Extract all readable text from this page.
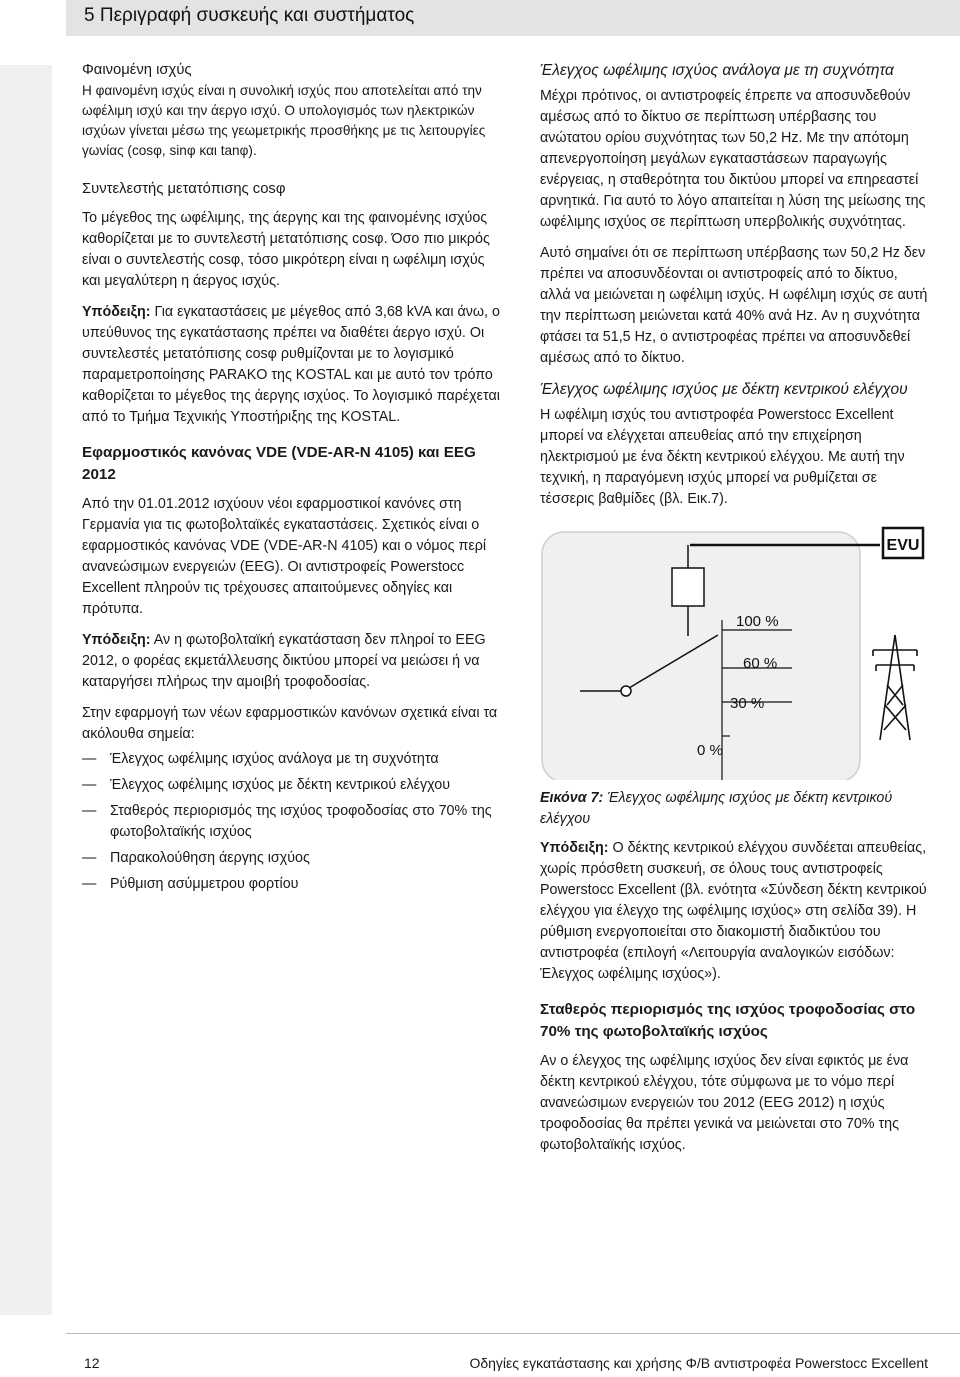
5 Περιγραφή συσκευής και συστήματος
Φαινομένη ισχύς

Η φαινομένη ισχύς είναι η συνολική ισχύς που αποτελείται από την ωφέλιμη ισχύ και την άεργο ισχύ. Ο υπολογισμός των ηλεκτρικών ισχύων γίνεται μέσω της γεωμετρικής προσθήκης με τις λειτουργίες γωνίας (cosφ, sinφ και tanφ).

Συντελεστής μετατόπισης cosφ

Το μέγεθος της ωφέλιμης, της άεργης και της φαινομένης ισχύος καθορίζεται με το συντελεστή μετατόπισης cosφ. Όσο πιο μικρός είναι ο συντελεστής cosφ, τόσο μικρότερη είναι η ωφέλιμη ισχύς και μεγαλύτερη η άεργος ισχύς.

Υπόδειξη: Για εγκαταστάσεις με μέγεθος από 3,68 kVA και άνω, ο υπεύθυνος της εγκατάστασης πρέπει να διαθέτει άεργο ισχύ. Οι συντελεστές μετατόπισης cosφ ρυθμίζονται με το λογισμικό παραμετροποίησης PARAKO της KOSTAL και με αυτό τον τρόπο καθορίζεται το μέγεθος της άεργης ισχύος. Το λογισμικό παρέχεται από το Τμήμα Τεχνικής Υποστήριξης της KOSTAL.

Εφαρμοστικός κανόνας VDE (VDE-AR-N 4105) και EEG 2012

Από την 01.01.2012 ισχύουν νέοι εφαρμοστικοί κανόνες στη Γερμανία για τις φωτοβολταϊκές εγκαταστάσεις. Σχετικός είναι ο εφαρμοστικός κανόνας VDE (VDE-AR-N 4105) και ο νόμος περί ανανεώσιμων ενεργειών (EEG). Οι αντιστροφείς Powerstocc Excellent πληρούν τις τρέχουσες απαιτούμενες οδηγίες και πρότυπα.

Υπόδειξη: Αν η φωτοβολταϊκή εγκατάσταση δεν πληροί το EEG 2012, ο φορέας εκμετάλλευσης δικτύου μπορεί να μειώσει ή να καταργήσει πλήρως την αμοιβή τροφοδοσίας.

Στην εφαρμογή των νέων εφαρμοστικών κανόνων σχετικά είναι τα ακόλουθα σημεία:

— Έλεγχος ωφέλιμης ισχύος ανάλογα με τη συχνότητα
— Έλεγχος ωφέλιμης ισχύος με δέκτη κεντρικού ελέγχου
— Σταθερός περιορισμός της ισχύος τροφοδοσίας στο 70% της φωτοβολταϊκής ισχύος
— Παρακολούθηση άεργης ισχύος
— Ρύθμιση ασύμμετρου φορτίου
Έλεγχος ωφέλιμης ισχύος ανάλογα με τη συχνότητα

Μέχρι πρότινος, οι αντιστροφείς έπρεπε να αποσυνδεθούν αμέσως από το δίκτυο σε περίπτωση υπέρβασης του ανώτατου ορίου συχνότητας των 50,2 Hz. Με την απότομη απενεργοποίηση μεγάλων εγκαταστάσεων παραγωγής ενέργειας, η σταθερότητα του δικτύου μπορεί να επηρεαστεί αρνητικά. Για αυτό το λόγο απαιτείται η λύση της μείωσης της ωφέλιμης ισχύος σε περίπτωση υπερβολικής συχνότητας.

Αυτό σημαίνει ότι σε περίπτωση υπέρβασης των 50,2 Hz δεν πρέπει να αποσυνδέονται οι αντιστροφείς από το δίκτυο, αλλά να μειώνεται η ωφέλιμη ισχύς. Η ωφέλιμη ισχύς σε αυτή την περίπτωση μειώνεται κατά 40% ανά Hz. Αν η συχνότητα φτάσει τα 51,5 Hz, ο αντιστροφέας πρέπει να αποσυνδεθεί αμέσως από το δίκτυο.

Έλεγχος ωφέλιμης ισχύος με δέκτη κεντρικού ελέγχου

Η ωφέλιμη ισχύς του αντιστροφέα Powerstocc Excellent μπορεί να ελέγχεται απευθείας από την επιχείρηση ηλεκτρισμού με ένα δέκτη κεντρικού ελέγχου. Με αυτή την τεχνική, η παραγόμενη ισχύς μπορεί να ρυθμίζεται σε τέσσερις βαθμίδες (βλ. Εικ.7).

EVU
100 %
60 %
30 %
0 %

Εικόνα 7: Έλεγχος ωφέλιμης ισχύος με δέκτη κεντρικού ελέγχου

Υπόδειξη: Ο δέκτης κεντρικού ελέγχου συνδέεται απευθείας, χωρίς πρόσθετη συσκευή, σε όλους τους αντιστροφείς Powerstocc Excellent (βλ. ενότητα «Σύνδεση δέκτη κεντρικού ελέγχου για έλεγχο της ωφέλιμης ισχύος» στη σελίδα 39). Η ρύθμιση ενεργοποιείται στο διακομιστή διαδικτύου του αντιστροφέα (επιλογή «Λειτουργία αναλογικών εισόδων: Έλεγχος ωφέλιμης ισχύος»).

Σταθερός περιορισμός της ισχύος τροφοδοσίας στο 70% της φωτοβολταϊκής ισχύος

Αν ο έλεγχος της ωφέλιμης ισχύος δεν είναι εφικτός με ένα δέκτη κεντρικού ελέγχου, τότε σύμφωνα με το νόμο περί ανανεώσιμων ενεργειών του 2012 (EEG 2012) η ισχύς τροφοδοσίας θα πρέπει γενικά να μειώνεται στο 70% της φωτοβολταϊκής ισχύος.

12	Οδηγίες εγκατάστασης και χρήσης Φ/Β αντιστροφέα Powerstocc Excellent
